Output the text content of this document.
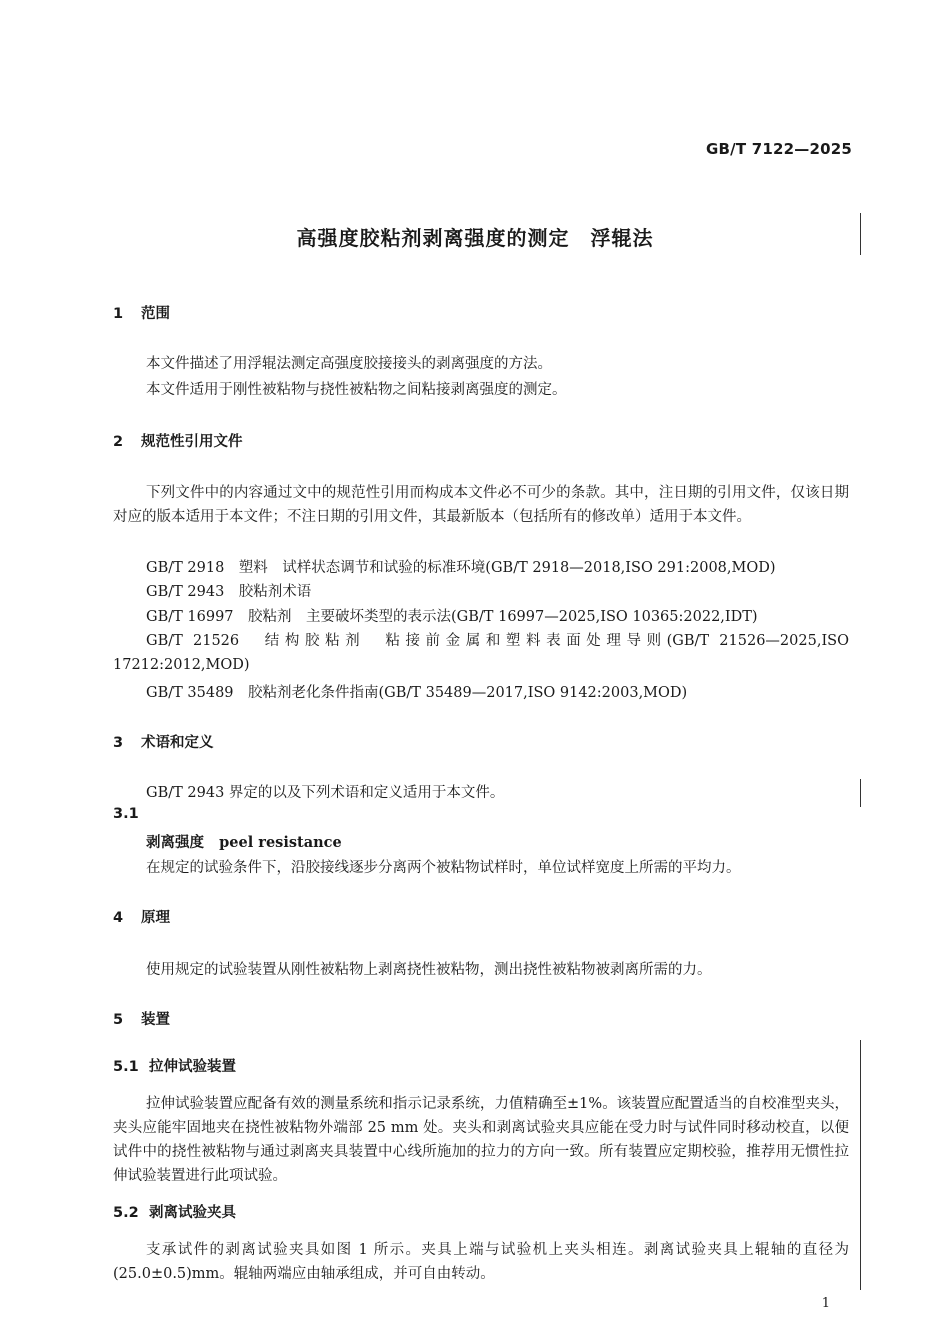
GB/T 7122—2025
高强度胶粘剂剥离强度的测定　浮辊法
1 范围
本文件描述了用浮辊法测定高强度胶接接头的剥离强度的方法。
本文件适用于刚性被粘物与挠性被粘物之间粘接剥离强度的测定。
2 规范性引用文件
下列文件中的内容通过文中的规范性引用而构成本文件必不可少的条款。其中，注日期的引用文件，仅该日期对应的版本适用于本文件；不注日期的引用文件，其最新版本（包括所有的修改单）适用于本文件。
GB/T 2918　塑料　试样状态调节和试验的标准环境(GB/T 2918—2018,ISO 291:2008,MOD)
GB/T 2943　胶粘剂术语
GB/T 16997　胶粘剂　主要破坏类型的表示法(GB/T 16997—2025,ISO 10365:2022,IDT)
GB/T 21526　结构胶粘剂　粘接前金属和塑料表面处理导则(GB/T 21526—2025,ISO 17212:2012,MOD)
GB/T 35489　胶粘剂老化条件指南(GB/T 35489—2017,ISO 9142:2003,MOD)
3 术语和定义
GB/T 2943 界定的以及下列术语和定义适用于本文件。
3.1
剥离强度 peel resistance
在规定的试验条件下，沿胶接线逐步分离两个被粘物试样时，单位试样宽度上所需的平均力。
4 原理
使用规定的试验装置从刚性被粘物上剥离挠性被粘物，测出挠性被粘物被剥离所需的力。
5 装置
5.1 拉伸试验装置
拉伸试验装置应配备有效的测量系统和指示记录系统，力值精确至±1%。该装置应配置适当的自校准型夹头，夹头应能牢固地夹在挠性被粘物外端部 25 mm 处。夹头和剥离试验夹具应能在受力时与试件同时移动校直，以便试件中的挠性被粘物与通过剥离夹具装置中心线所施加的拉力的方向一致。所有装置应定期校验，推荐用无惯性拉伸试验装置进行此项试验。
5.2 剥离试验夹具
支承试件的剥离试验夹具如图 1 所示。夹具上端与试验机上夹头相连。剥离试验夹具上辊轴的直径为(25.0±0.5)mm。辊轴两端应由轴承组成，并可自由转动。
1
